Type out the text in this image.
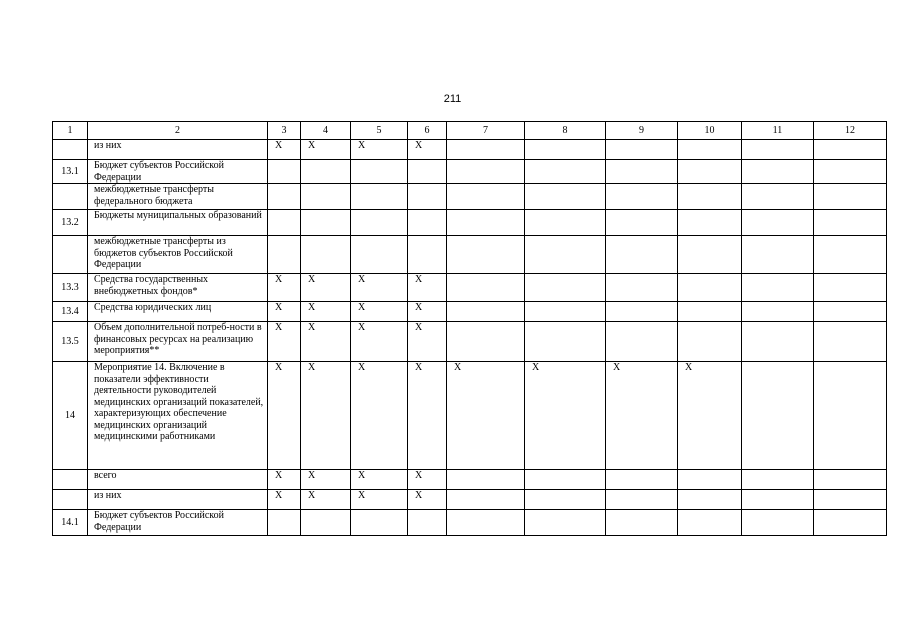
211
1	2	3	4	5	6	7	8	9	10	11	12
	из них	X	X	X	X						
13.1	Бюджет субъектов Российской Федерации										
	межбюджетные трансферты федерального бюджета										
13.2	Бюджеты муниципальных образований										
	межбюджетные трансферты из бюджетов субъектов Российской Федерации										
13.3	Средства государственных внебюджетных фондов*	X	X	X	X						
13.4	Средства юридических лиц	X	X	X	X						
13.5	Объем дополнительной потреб-ности в финансовых ресурсах на реализацию мероприятия**	X	X	X	X						
14	Мероприятие 14. Включение в показатели эффективности деятельности руководителей медицинских организаций показателей, характеризующих обеспечение медицинских организаций медицинскими работниками	X	X	X	X	X	X	X	X		
	всего	X	X	X	X						
	из них	X	X	X	X						
14.1	Бюджет субъектов Российской Федерации										
